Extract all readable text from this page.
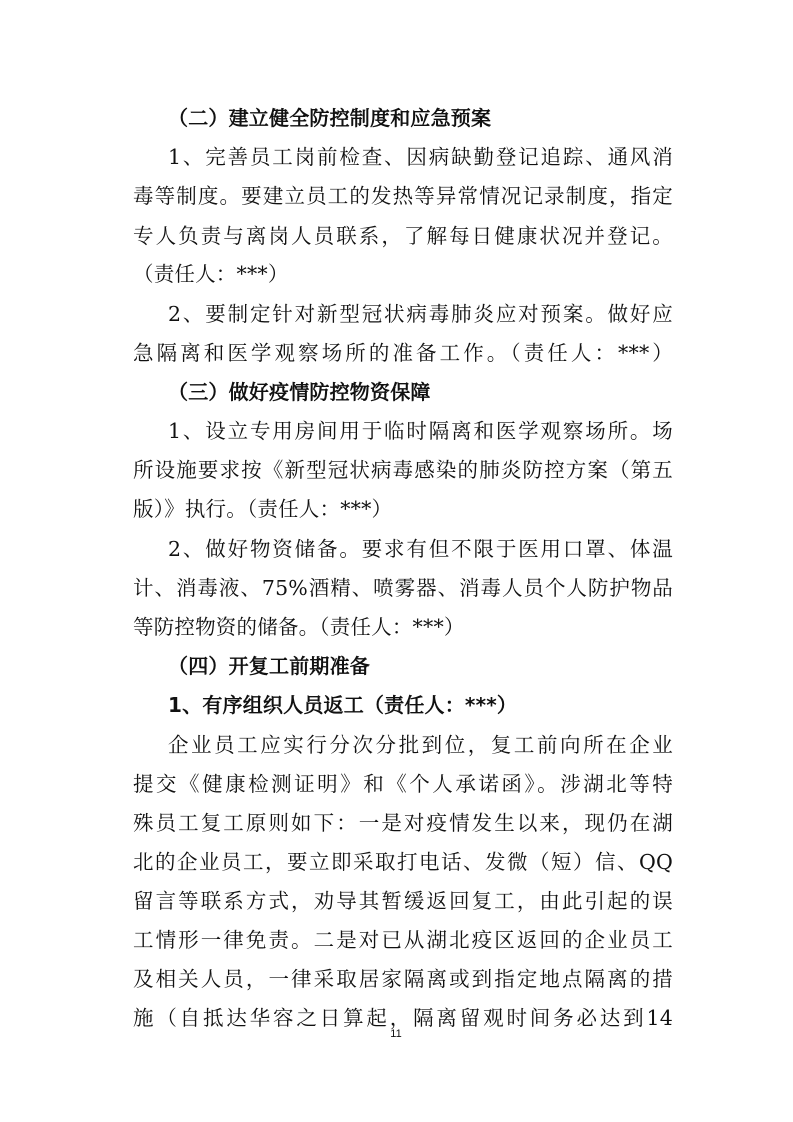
（二）建立健全防控制度和应急预案
1、完善员工岗前检查、因病缺勤登记追踪、通风消
毒等制度。要建立员工的发热等异常情况记录制度，指定
专人负责与离岗人员联系，了解每日健康状况并登记。
（责任人：***）
2、要制定针对新型冠状病毒肺炎应对预案。做好应
急隔离和医学观察场所的准备工作。（责任人：***）
（三）做好疫情防控物资保障
1、设立专用房间用于临时隔离和医学观察场所。场
所设施要求按《新型冠状病毒感染的肺炎防控方案（第五
版）》执行。（责任人：***）
2、做好物资储备。要求有但不限于医用口罩、体温
计、消毒液、75%酒精、喷雾器、消毒人员个人防护物品
等防控物资的储备。（责任人：***）
（四）开复工前期准备
1、有序组织人员返工（责任人：***）
企业员工应实行分次分批到位，复工前向所在企业
提交《健康检测证明》和《个人承诺函》。涉湖北等特
殊员工复工原则如下：一是对疫情发生以来，现仍在湖
北的企业员工，要立即采取打电话、发微（短）信、QQ
留言等联系方式，劝导其暂缓返回复工，由此引起的误
工情形一律免责。二是对已从湖北疫区返回的企业员工
及相关人员，一律采取居家隔离或到指定地点隔离的措
施（自抵达华容之日算起，隔离留观时间务必达到14
11
